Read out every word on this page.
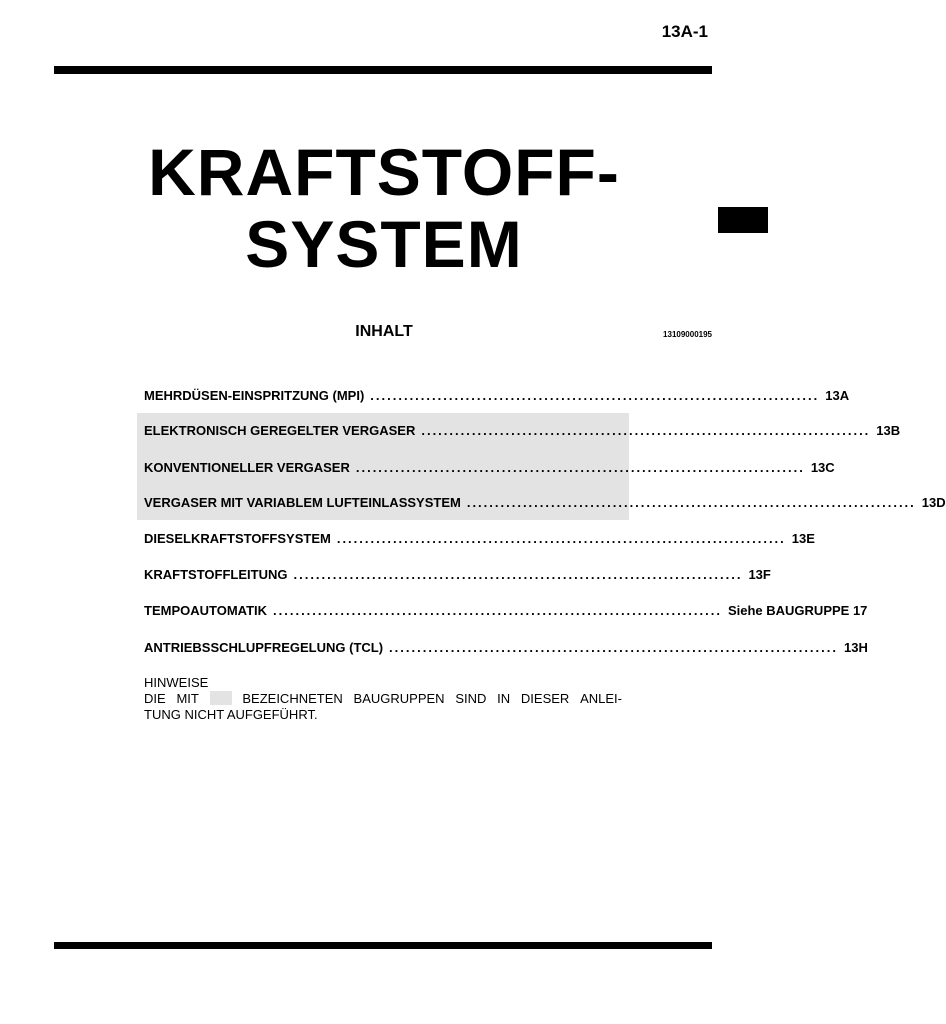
13A-1
KRAFTSTOFF-
SYSTEM
INHALT	13109000195
MEHRDÜSEN-EINSPRITZUNG (MPI) ................................................................................ 13A
ELEKTRONISCH GEREGELTER VERGASER ................................................................................ 13B
KONVENTIONELLER VERGASER ................................................................................ 13C
VERGASER MIT VARIABLEM LUFTEINLASSYSTEM ................................................................................ 13D
DIESELKRAFTSTOFFSYSTEM ................................................................................ 13E
KRAFTSTOFFLEITUNG ................................................................................ 13F
TEMPOAUTOMATIK ................................................................................ Siehe BAUGRUPPE 17
ANTRIEBSSCHLUPFREGELUNG (TCL) ................................................................................ 13H
HINWEISE
DIE MIT	BEZEICHNETEN BAUGRUPPEN SIND IN DIESER ANLEI-
TUNG NICHT AUFGEFÜHRT.
